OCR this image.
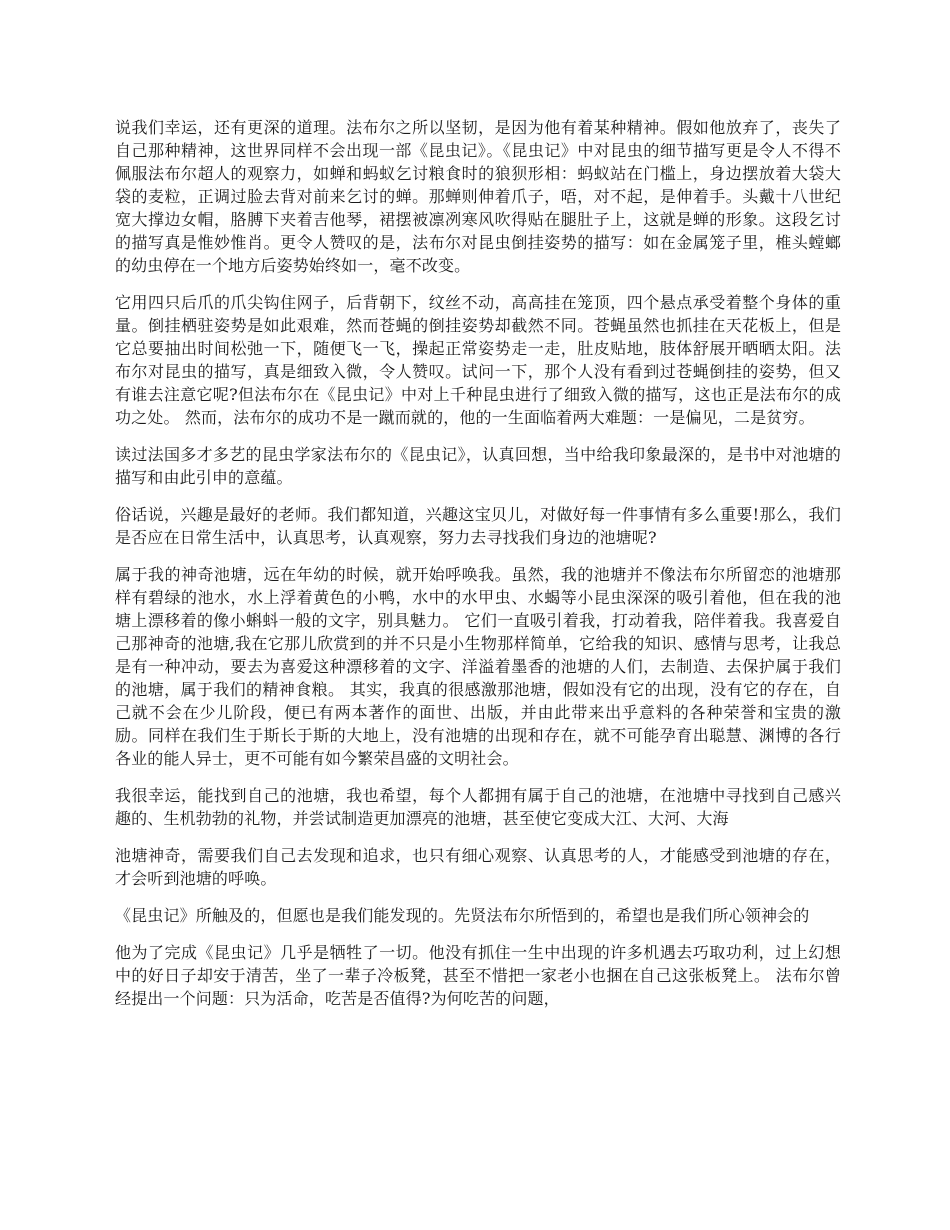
说我们幸运，还有更深的道理。法布尔之所以坚韧，是因为他有着某种精神。假如他放弃了，丧失了自己那种精神，这世界同样不会出现一部《昆虫记》。《昆虫记》中对昆虫的细节描写更是令人不得不佩服法布尔超人的观察力，如蝉和蚂蚁乞讨粮食时的狼狈形相：蚂蚁站在门槛上，身边摆放着大袋大袋的麦粒，正调过脸去背对前来乞讨的蝉。那蝉则伸着爪子，唔，对不起，是伸着手。头戴十八世纪宽大撑边女帽，胳膊下夹着吉他琴，裙摆被凛冽寒风吹得贴在腿肚子上，这就是蝉的形象。这段乞讨的描写真是惟妙惟肖。更令人赞叹的是，法布尔对昆虫倒挂姿势的描写：如在金属笼子里，椎头螳螂的幼虫停在一个地方后姿势始终如一，毫不改变。

它用四只后爪的爪尖钩住网子，后背朝下，纹丝不动，高高挂在笼顶，四个悬点承受着整个身体的重量。倒挂栖驻姿势是如此艰难，然而苍蝇的倒挂姿势却截然不同。苍蝇虽然也抓挂在天花板上，但是它总要抽出时间松弛一下，随便飞一飞，操起正常姿势走一走，肚皮贴地，肢体舒展开晒晒太阳。法布尔对昆虫的描写，真是细致入微，令人赞叹。试问一下，那个人没有看到过苍蝇倒挂的姿势，但又有谁去注意它呢?但法布尔在《昆虫记》中对上千种昆虫进行了细致入微的描写，这也正是法布尔的成功之处。 然而，法布尔的成功不是一蹴而就的，他的一生面临着两大难题：一是偏见，二是贫穷。

读过法国多才多艺的昆虫学家法布尔的《昆虫记》，认真回想，当中给我印象最深的，是书中对池塘的描写和由此引申的意蕴。

俗话说，兴趣是最好的老师。我们都知道，兴趣这宝贝儿，对做好每一件事情有多么重要!那么，我们是否应在日常生活中，认真思考，认真观察，努力去寻找我们身边的池塘呢?

属于我的神奇池塘，远在年幼的时候，就开始呼唤我。虽然，我的池塘并不像法布尔所留恋的池塘那样有碧绿的池水，水上浮着黄色的小鸭，水中的水甲虫、水蝎等小昆虫深深的吸引着他，但在我的池塘上漂移着的像小蝌蚪一般的文字，别具魅力。 它们一直吸引着我，打动着我，陪伴着我。我喜爱自己那神奇的池塘,我在它那儿欣赏到的并不只是小生物那样简单，它给我的知识、感情与思考，让我总是有一种冲动，要去为喜爱这种漂移着的文字、洋溢着墨香的池塘的人们，去制造、去保护属于我们的池塘，属于我们的精神食粮。 其实，我真的很感激那池塘，假如没有它的出现，没有它的存在，自己就不会在少儿阶段，便已有两本著作的面世、出版，并由此带来出乎意料的各种荣誉和宝贵的激励。同样在我们生于斯长于斯的大地上，没有池塘的出现和存在，就不可能孕育出聪慧、渊博的各行各业的能人异士，更不可能有如今繁荣昌盛的文明社会。

我很幸运，能找到自己的池塘，我也希望，每个人都拥有属于自己的池塘，在池塘中寻找到自己感兴趣的、生机勃勃的礼物，并尝试制造更加漂亮的池塘，甚至使它变成大江、大河、大海

池塘神奇，需要我们自己去发现和追求，也只有细心观察、认真思考的人，才能感受到池塘的存在，才会听到池塘的呼唤。

《昆虫记》所触及的，但愿也是我们能发现的。先贤法布尔所悟到的，希望也是我们所心领神会的

他为了完成《昆虫记》几乎是牺牲了一切。他没有抓住一生中出现的许多机遇去巧取功利，过上幻想中的好日子却安于清苦，坐了一辈子冷板凳，甚至不惜把一家老小也捆在自己这张板凳上。 法布尔曾经提出一个问题：只为活命，吃苦是否值得?为何吃苦的问题，
